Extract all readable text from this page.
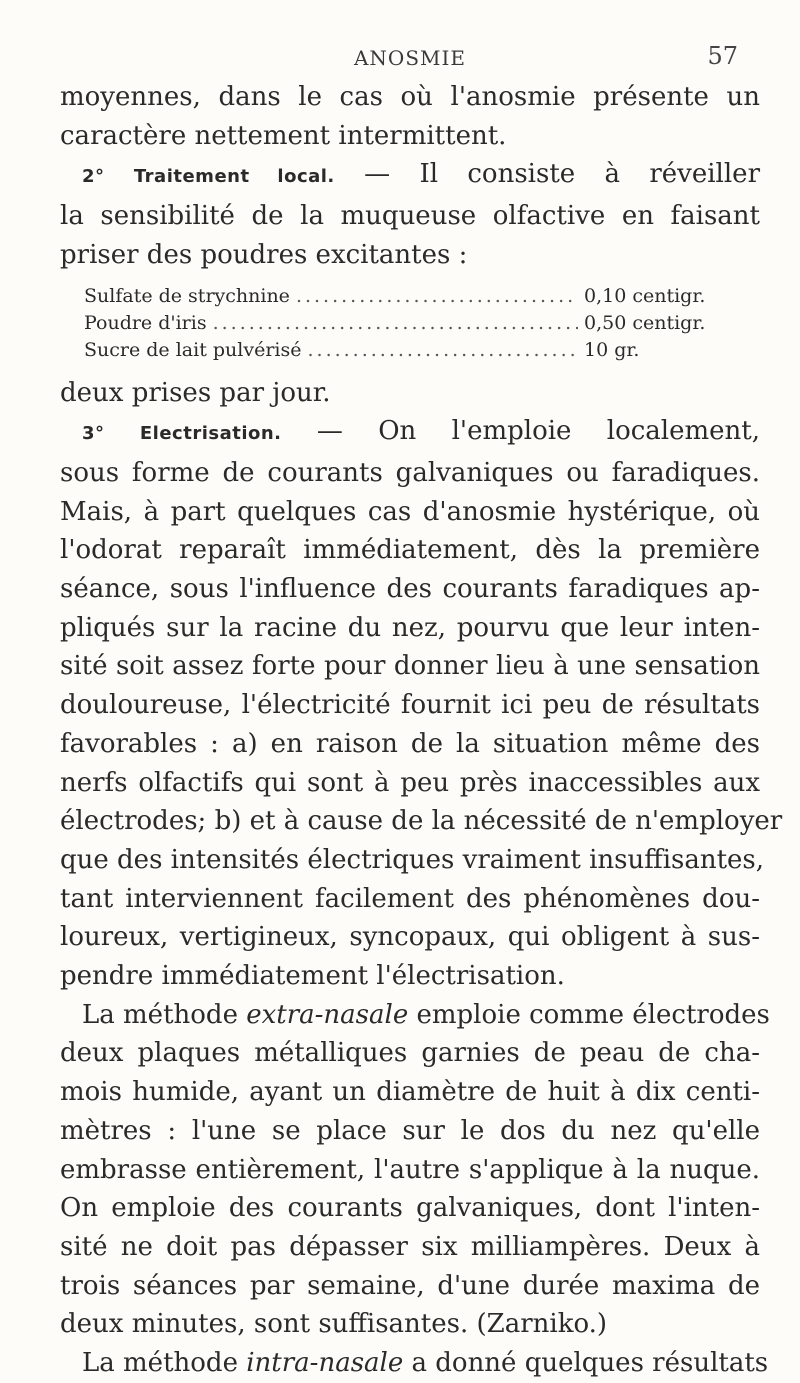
ANOSMIE	57
moyennes, dans le cas où l'anosmie présente un
caractère nettement intermittent.
2° Traitement local. — Il consiste à réveiller
la sensibilité de la muqueuse olfactive en faisant
priser des poudres excitantes :
Sulfate de strychnine .....	0,10 centigr.
Poudre d'iris .....	0,50 centigr.
Sucre de lait pulvérisé .....	10 gr.
deux prises par jour.
3° Electrisation. — On l'emploie localement,
sous forme de courants galvaniques ou faradiques.
Mais, à part quelques cas d'anosmie hystérique, où
l'odorat reparaît immédiatement, dès la première
séance, sous l'influence des courants faradiques ap-
pliqués sur la racine du nez, pourvu que leur inten-
sité soit assez forte pour donner lieu à une sensation
douloureuse, l'électricité fournit ici peu de résultats
favorables : a) en raison de la situation même des
nerfs olfactifs qui sont à peu près inaccessibles aux
électrodes; b) et à cause de la nécessité de n'employer
que des intensités électriques vraiment insuffisantes,
tant interviennent facilement des phénomènes dou-
loureux, vertigineux, syncopaux, qui obligent à sus-
pendre immédiatement l'électrisation.
La méthode extra-nasale emploie comme électrodes
deux plaques métalliques garnies de peau de cha-
mois humide, ayant un diamètre de huit à dix centi-
mètres : l'une se place sur le dos du nez qu'elle
embrasse entièrement, l'autre s'applique à la nuque.
On emploie des courants galvaniques, dont l'inten-
sité ne doit pas dépasser six milliampères. Deux à
trois séances par semaine, d'une durée maxima de
deux minutes, sont suffisantes. (Zarniko.)
La méthode intra-nasale a donné quelques résultats
